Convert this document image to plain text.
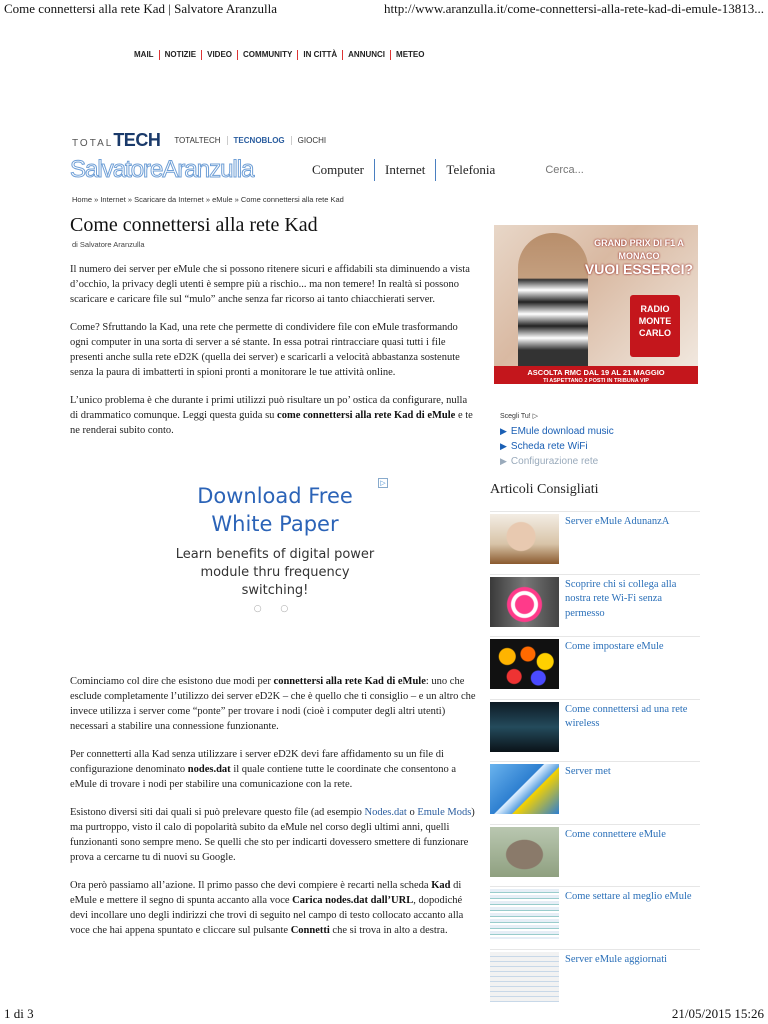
Come connettersi alla rete Kad | Salvatore Aranzulla	http://www.aranzulla.it/come-connettersi-alla-rete-kad-di-emule-13813...
MAIL	NOTIZIE	VIDEO	COMMUNITY	IN CITTÀ	ANNUNCI	METEO
TOTAL TECH TOTALTECH	TECNOBLOG	GIOCHI
SalvatoreAranzulla	Computer	Internet	Telefonia
Cerca...
Home » Internet » Scaricare da Internet » eMule » Come connettersi alla rete Kad
Come connettersi alla rete Kad
di Salvatore Aranzulla

Il numero dei server per eMule che si possono ritenere sicuri e affidabili sta diminuendo a vista d’occhio, la privacy degli utenti è sempre più a rischio... ma non temere! In realtà si possono scaricare e caricare file sul “mulo” anche senza far ricorso ai tanto chiacchierati server.

Come? Sfruttando la Kad, una rete che permette di condividere file con eMule trasformando ogni computer in una sorta di server a sé stante. In essa potrai rintracciare quasi tutti i file presenti anche sulla rete eD2K (quella dei server) e scaricarli a velocità abbastanza sostenute senza la paura di imbatterti in spioni pronti a monitorare le tue attività online.

L’unico problema è che durante i primi utilizzi può risultare un po’ ostica da configurare, nulla di drammatico comunque. Leggi questa guida su come connettersi alla rete Kad di eMule e te ne renderai subito conto.

▷
Download Free
White Paper
Learn benefits of digital power
module thru frequency
switching!
○ ○

Cominciamo col dire che esistono due modi per connettersi alla rete Kad di eMule: uno che esclude completamente l’utilizzo dei server eD2K – che è quello che ti consiglio – e un altro che invece utilizza i server come “ponte” per trovare i nodi (cioè i computer degli altri utenti) necessari a stabilire una connessione funzionante.

Per connetterti alla Kad senza utilizzare i server eD2K devi fare affidamento su un file di configurazione denominato nodes.dat il quale contiene tutte le coordinate che consentono a eMule di trovare i nodi per stabilire una comunicazione con la rete.

Esistono diversi siti dai quali si può prelevare questo file (ad esempio Nodes.dat o Emule Mods) ma purtroppo, visto il calo di popolarità subito da eMule nel corso degli ultimi anni, quelli funzionanti sono sempre meno. Se quelli che sto per indicarti dovessero smettere di funzionare prova a cercarne tu di nuovi su Google.

Ora però passiamo all’azione. Il primo passo che devi compiere è recarti nella scheda Kad di eMule e mettere il segno di spunta accanto alla voce Carica nodes.dat dall’URL, dopodiché devi incollare uno degli indirizzi che trovi di seguito nel campo di testo collocato accanto alla voce che hai appena spuntato e cliccare sul pulsante Connetti che si trova in alto a destra.

GRAND PRIX DI F1 A MONACO
VUOI ESSERCI?
RADIO
MONTE
CARLO
ASCOLTA RMC DAL 19 AL 21 MAGGIO
TI ASPETTANO 2 POSTI IN TRIBUNA VIP
Scegli Tu! ▷
▶ EMule download music
▶ Scheda rete WiFi
▶ Configurazione rete
Articoli Consigliati
Server eMule AdunanzA
Scoprire chi si collega alla nostra rete Wi-Fi senza permesso
Come impostare eMule
Come connettersi ad una rete wireless
Server met
Come connettere eMule
Come settare al meglio eMule
Server eMule aggiornati
1 di 3	21/05/2015 15:26
